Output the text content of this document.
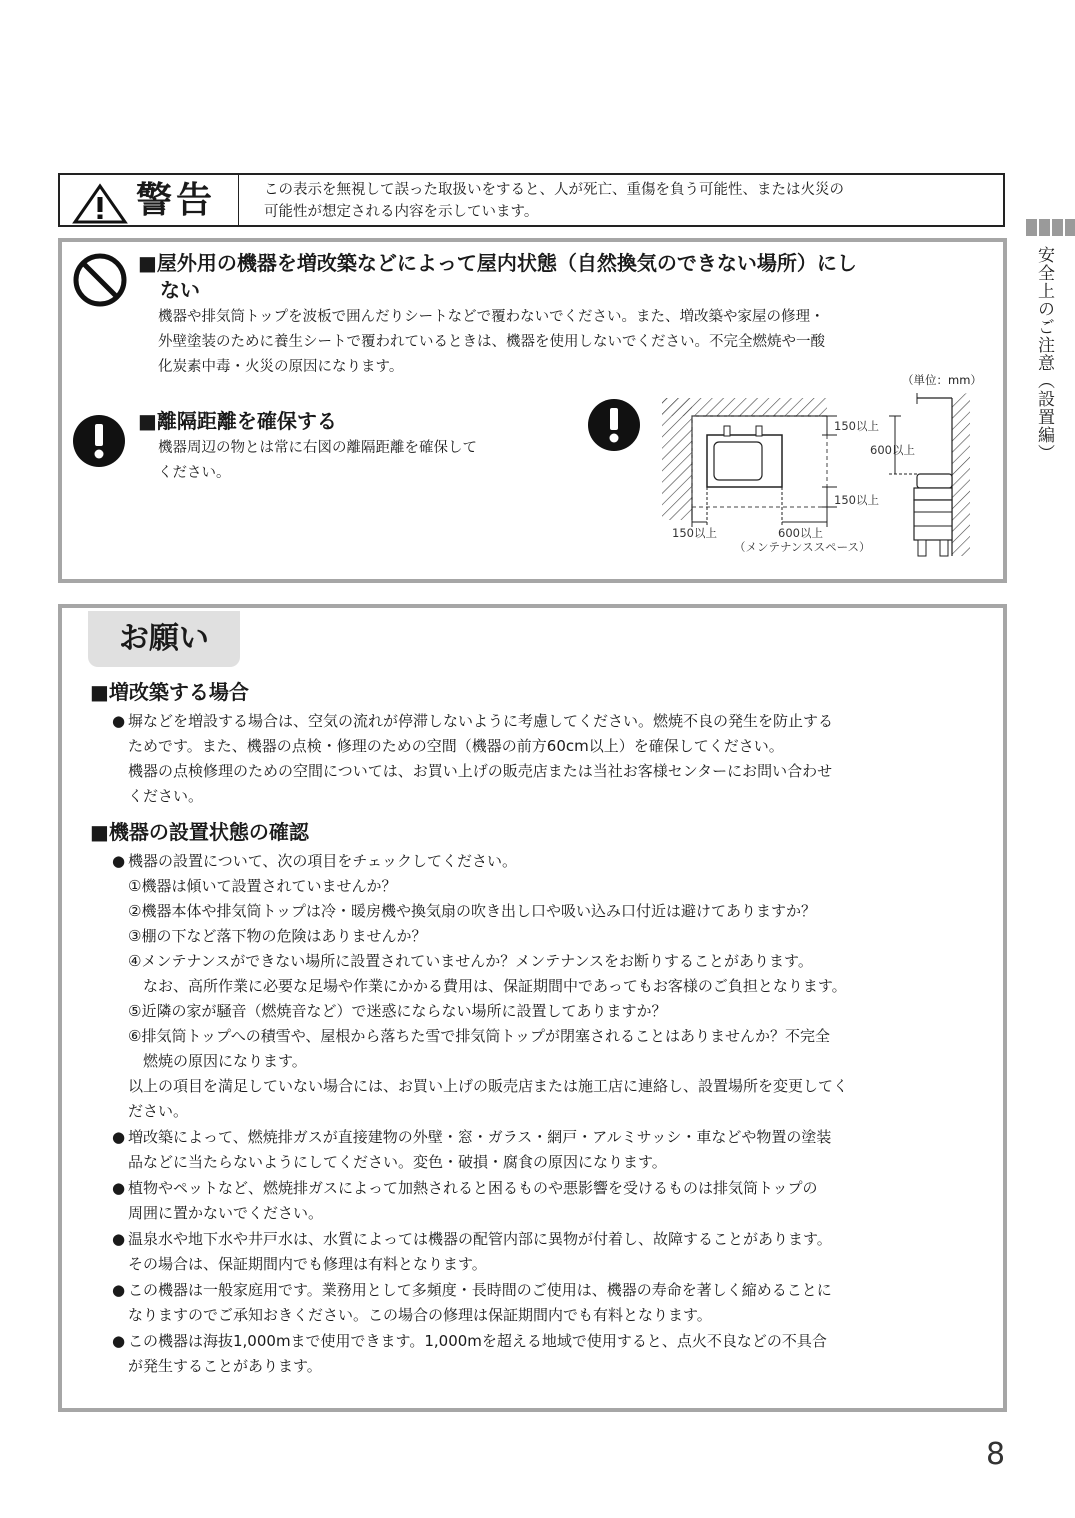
警告	この表示を無視して誤った取扱いをすると、人が死亡、重傷を負う可能性、または火災の
可能性が想定される内容を示しています。
安全上のご注意（設置編）
■屋外用の機器を増改築などによって屋内状態（自然換気のできない場所）にし
ない
機器や排気筒トップを波板で囲んだりシートなどで覆わないでください。また、増改築や家屋の修理・
外壁塗装のために養生シートで覆われているときは、機器を使用しないでください。不完全燃焼や一酸
化炭素中毒・火災の原因になります。
■離隔距離を確保する
機器周辺の物とは常に右図の離隔距離を確保して
ください。
（単位：mm）
150以上
150以上
150以上	600以上
（メンテナンススペース）
600以上
お願い
■増改築する場合
● 塀などを増設する場合は、空気の流れが停滞しないように考慮してください。燃焼不良の発生を防止する
ためです。また、機器の点検・修理のための空間（機器の前方60cm以上）を確保してください。
機器の点検修理のための空間については、お買い上げの販売店または当社お客様センターにお問い合わせ
ください。
■機器の設置状態の確認
● 機器の設置について、次の項目をチェックしてください。
①機器は傾いて設置されていませんか？
②機器本体や排気筒トップは冷・暖房機や換気扇の吹き出し口や吸い込み口付近は避けてありますか？
③棚の下など落下物の危険はありませんか？
④メンテナンスができない場所に設置されていませんか？メンテナンスをお断りすることがあります。
　なお、高所作業に必要な足場や作業にかかる費用は、保証期間中であってもお客様のご負担となります。
⑤近隣の家が騒音（燃焼音など）で迷惑にならない場所に設置してありますか？
⑥排気筒トップへの積雪や、屋根から落ちた雪で排気筒トップが閉塞されることはありませんか？不完全
　燃焼の原因になります。
以上の項目を満足していない場合には、お買い上げの販売店または施工店に連絡し、設置場所を変更してく
ださい。
● 増改築によって、燃焼排ガスが直接建物の外壁・窓・ガラス・網戸・アルミサッシ・車などや物置の塗装
品などに当たらないようにしてください。変色・破損・腐食の原因になります。
● 植物やペットなど、燃焼排ガスによって加熱されると困るものや悪影響を受けるものは排気筒トップの
周囲に置かないでください。
● 温泉水や地下水や井戸水は、水質によっては機器の配管内部に異物が付着し、故障することがあります。
その場合は、保証期間内でも修理は有料となります。
● この機器は一般家庭用です。業務用として多頻度・長時間のご使用は、機器の寿命を著しく縮めることに
なりますのでご承知おきください。この場合の修理は保証期間内でも有料となります。
● この機器は海抜1,000mまで使用できます。1,000mを超える地域で使用すると、点火不良などの不具合
が発生することがあります。
8
